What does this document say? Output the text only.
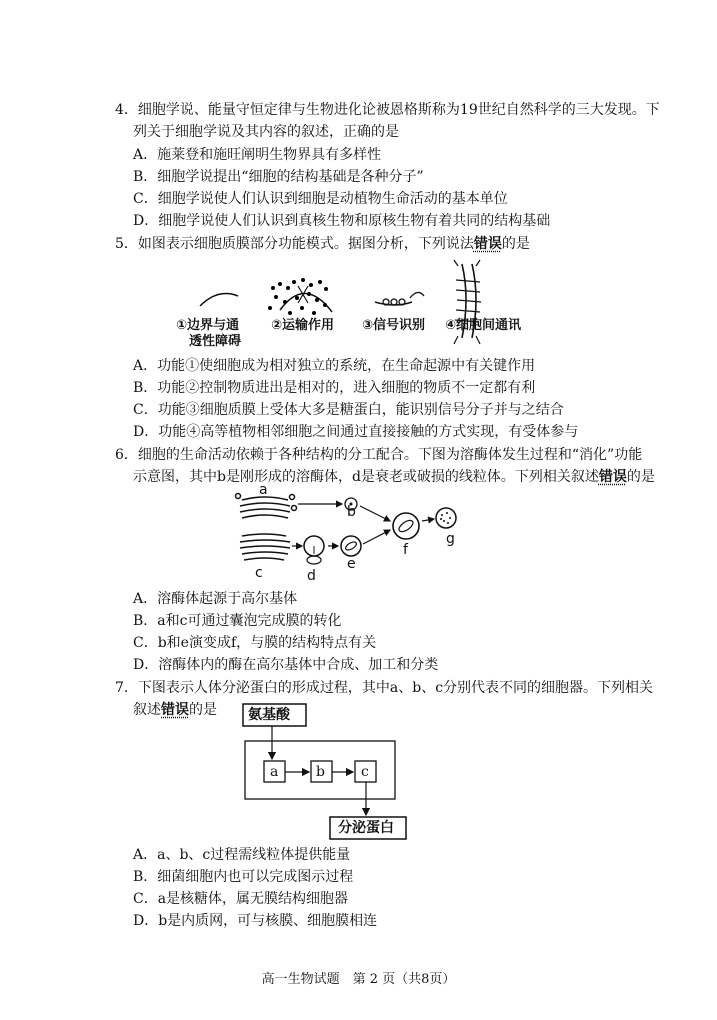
4．细胞学说、能量守恒定律与生物进化论被恩格斯称为19世纪自然科学的三大发现。下
列关于细胞学说及其内容的叙述，正确的是
A．施莱登和施旺阐明生物界具有多样性
B．细胞学说提出“细胞的结构基础是各种分子”
C．细胞学说使人们认识到细胞是动植物生命活动的基本单位
D．细胞学说使人们认识到真核生物和原核生物有着共同的结构基础
5．如图表示细胞质膜部分功能模式。据图分析，下列说法错误的是
①边界与通
透性障碍
②运输作用 ③信号识别 ④细胞间通讯
A．功能①使细胞成为相对独立的系统，在生命起源中有关键作用
B．功能②控制物质进出是相对的，进入细胞的物质不一定都有利
C．功能③细胞质膜上受体大多是糖蛋白，能识别信号分子并与之结合
D．功能④高等植物相邻细胞之间通过直接接触的方式实现，有受体参与
6．细胞的生命活动依赖于各种结构的分工配合。下图为溶酶体发生过程和“消化”功能
示意图，其中b是刚形成的溶酶体，d是衰老或破损的线粒体。下列相关叙述错误的是
a
b
c	d
e
f
g
A．溶酶体起源于高尔基体
B．a和c可通过囊泡完成膜的转化
C．b和e演变成f，与膜的结构特点有关
D．溶酶体内的酶在高尔基体中合成、加工和分类
7．下图表示人体分泌蛋白的形成过程，其中a、b、c分别代表不同的细胞器。下列相关
叙述错误的是 氨基酸
a	b	c
分泌蛋白
A．a、b、c过程需线粒体提供能量
B．细菌细胞内也可以完成图示过程
C．a是核糖体，属无膜结构细胞器
D．b是内质网，可与核膜、细胞膜相连
高一生物试题　第 2 页（共8页）
